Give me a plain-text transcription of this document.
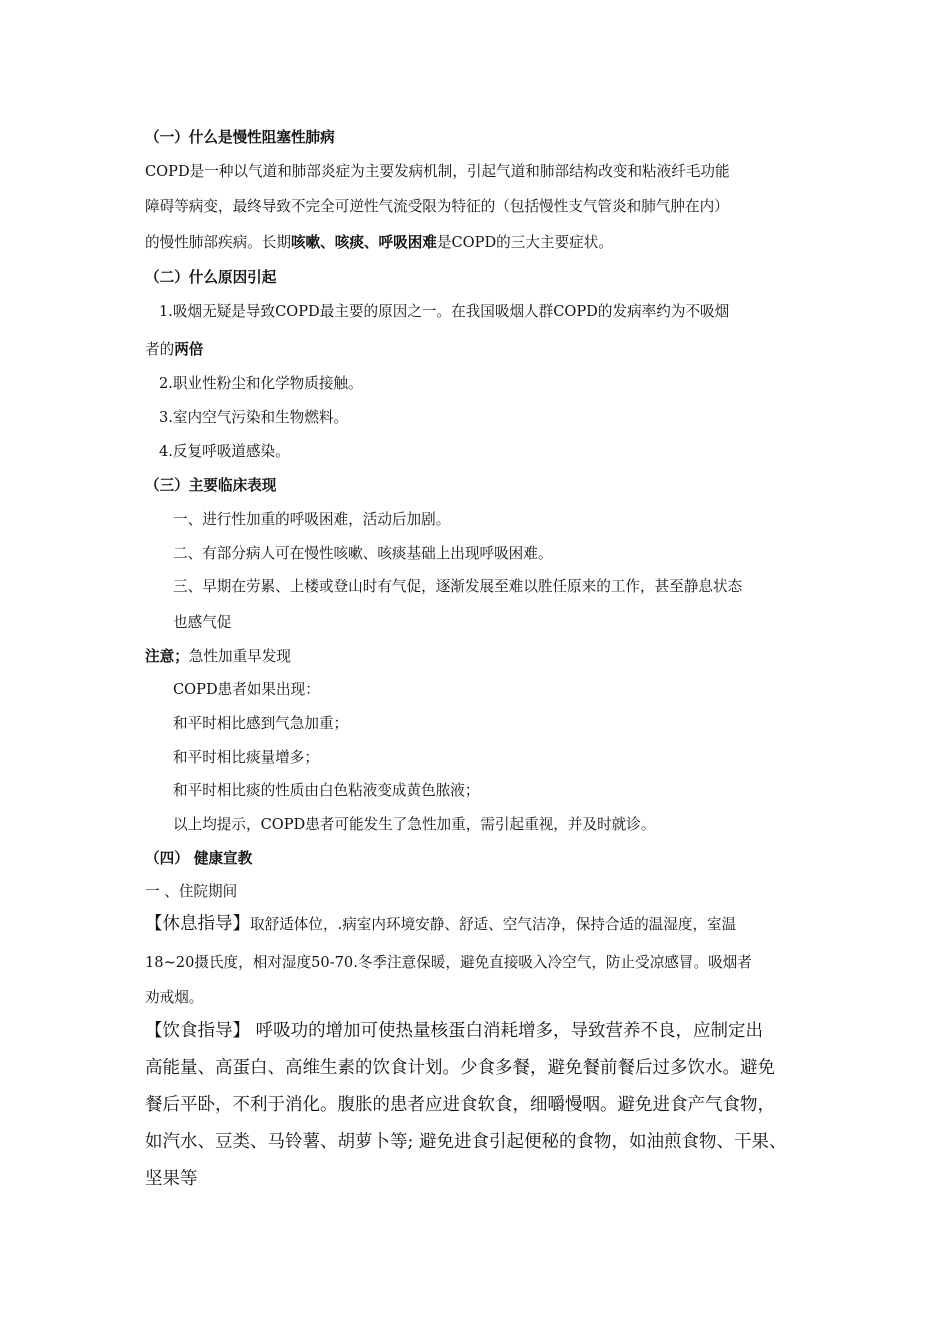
（一）什么是慢性阻塞性肺病
COPD是一种以气道和肺部炎症为主要发病机制，引起气道和肺部结构改变和粘液纤毛功能
障碍等病变，最终导致不完全可逆性气流受限为特征的（包括慢性支气管炎和肺气肿在内）
的慢性肺部疾病。长期咳嗽、咳痰、呼吸困难是COPD的三大主要症状。
（二）什么原因引起
1.吸烟无疑是导致COPD最主要的原因之一。在我国吸烟人群COPD的发病率约为不吸烟
者的两倍
2.职业性粉尘和化学物质接触。
3.室内空气污染和生物燃料。
4.反复呼吸道感染。
（三）主要临床表现
一、进行性加重的呼吸困难，活动后加剧。
二、有部分病人可在慢性咳嗽、咳痰基础上出现呼吸困难。
三、早期在劳累、上楼或登山时有气促，逐渐发展至难以胜任原来的工作，甚至静息状态
也感气促
注意；急性加重早发现
COPD患者如果出现：
和平时相比感到气急加重；
和平时相比痰量增多；
和平时相比痰的性质由白色粘液变成黄色脓液；
以上均提示，COPD患者可能发生了急性加重，需引起重视，并及时就诊。
（四） 健康宣教
一 、住院期间
【休息指导】取舒适体位，.病室内环境安静、舒适、空气洁净，保持合适的温湿度，室温
18~20摄氏度，相对湿度50-70.冬季注意保暖，避免直接吸入冷空气，防止受凉感冒。吸烟者
劝戒烟。
【饮食指导】 呼吸功的增加可使热量核蛋白消耗增多，导致营养不良，应制定出
高能量、高蛋白、高维生素的饮食计划。少食多餐，避免餐前餐后过多饮水。避免
餐后平卧，不利于消化。腹胀的患者应进食软食，细嚼慢咽。避免进食产气食物，
如汽水、豆类、马铃薯、胡萝卜等; 避免进食引起便秘的食物，如油煎食物、干果、
坚果等
